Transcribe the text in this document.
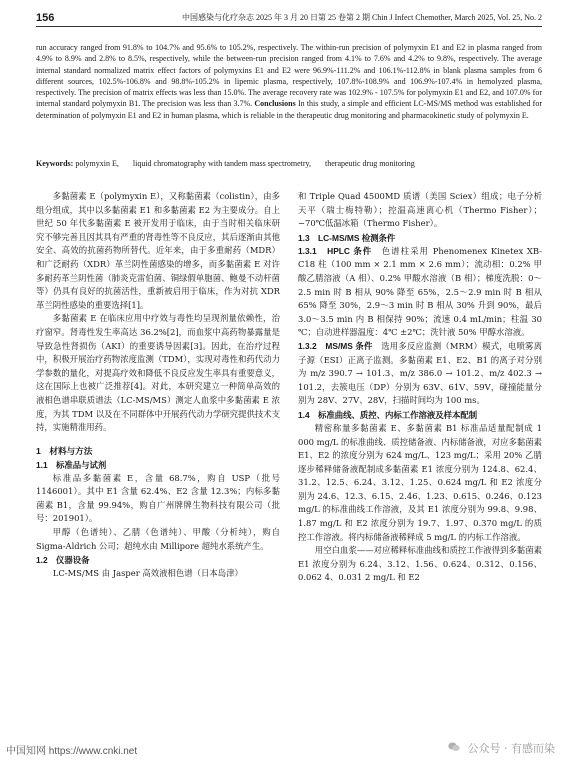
156	中国感染与化疗杂志 2025 年 3 月 20 日第 25 卷第 2 期 Chin J Infect Chemother, March 2025, Vol. 25, No. 2
run accuracy ranged from 91.8% to 104.7% and 95.6% to 105.2%, respectively. The within-run precision of polymyxin E1 and E2 in plasma ranged from 4.9% to 8.9% and 2.8% to 8.5%, respectively, while the between-run precision ranged from 4.1% to 7.6% and 4.2% to 9.8%, respectively. The average internal standard normalized matrix effect factors of polymyxins E1 and E2 were 96.9%-111.2% and 106.1%-112.8% in blank plasma samples from 6 different sources, 102.5%-106.8% and 98.8%-105.2% in lipemic plasma, respectively, 107.8%-108.9% and 106.9%-107.4% in hemolyzed plasma, respectively. The precision of matrix effects was less than 15.0%. The average recovery rate was 102.9% - 107.5% for polymyxin E1 and E2, and 107.0% for internal standard polymyxin B1. The precision was less than 3.7%. Conclusions In this study, a simple and efficient LC-MS/MS method was established for determination of polymyxin E1 and E2 in human plasma, which is reliable in the therapeutic drug monitoring and pharmacokinetic study of polymyxin E.
Keywords: polymyxin E, liquid chromatography with tandem mass spectrometry, therapeutic drug monitoring

多黏菌素 E（polymyxin E），又称黏菌素（colistin），由多组分组成，其中以多黏菌素 E1 和多黏菌素 E2 为主要成分。自上世纪 50 年代多黏菌素 E 被开发用于临床，由于当时相关临床研究不够完善且因其具有严重的肾毒性等不良反应，其后逐渐由其他安全、高效的抗菌药物所替代。近年来，由于多重耐药（MDR）和广泛耐药（XDR）革兰阴性菌感染的增多，而多黏菌素 E 对许多耐药革兰阴性菌（肺炎克雷伯菌、铜绿假单胞菌、鲍曼不动杆菌等）仍具有良好的抗菌活性，重新被启用于临床，作为对抗 XDR 革兰阴性感染的重要选择[1]。

多黏菌素 E 在临床应用中疗效与毒性均呈现剂量依赖性，治疗窗窄。肾毒性发生率高达 36.2%[2]，而血浆中高药物暴露量是导致急性肾损伤（AKI）的重要诱导因素[3]。因此，在治疗过程中，积极开展治疗药物浓度监测（TDM），实现对毒性和药代动力学参数的量化，对提高疗效和降低不良反应发生率具有重要意义，这在国际上也被广泛推荐[4]。对此，本研究建立一种简单高效的液相色谱串联质谱法（LC-MS/MS）测定人血浆中多黏菌素 E 浓度，为其 TDM 以及在不同群体中开展药代动力学研究提供技术支持，实施精准用药。

1　材料与方法
1.1　标准品与试剂

标准品多黏菌素 E，含量 68.7%，购自 USP（批号 1146001）。其中 E1 含量 62.4%、E2 含量 12.3%；内标多黏菌素 B1，含量 99.94%，购自广州牌牌生物科技有限公司（批号：201901）。

甲醇（色谱纯）、乙腈（色谱纯）、甲酸（分析纯），购自 Sigma-Aldrich 公司；超纯水由 Millipore 超纯水系统产生。

1.2　仪器设备

LC-MS/MS 由 Jasper 高效液相色谱（日本岛津）

和 Triple Quad 4500MD 质谱（美国 Sciex）组成；电子分析天平（瑞士梅特勒）；控温高速离心机（Thermo Fisher）；−70℃低温冰箱（Thermo Fisher）。

1.3　LC-MS/MS 检测条件

1.3.1　HPLC 条件　 色谱柱采用 Phenomenex Kinetex XB-C18 柱（100 mm × 2.1 mm × 2.6 mm）；流动相：0.2% 甲酸乙腈溶液（A 相）、0.2% 甲酸水溶液（B 相）；梯度洗脱：0～2.5 min 时 B 相从 90% 降至 65%，2.5～2.9 min 时 B 相从 65% 降至 30%，2.9～3 min 时 B 相从 30% 升到 90%，最后 3.0～3.5 min 内 B 相保持 90%；流速 0.4 mL/min；柱温 30 ℃；自动进样器温度：4℃ ±2℃；洗针液 50% 甲醇水溶液。

1.3.2　MS/MS 条件　 选用多反应监测（MRM）模式，电喷雾离子源（ESI）正离子监测。多黏菌素 E1、E2、B1 的离子对分别为 m/z 390.7 → 101.3、m/z 386.0 → 101.2、m/z 402.3 → 101.2，去簇电压（DP）分别为 63V、61V、59V，碰撞能量分别为 28V、27V、28V，扫描时间均为 100 ms。

1.4　标准曲线、质控、内标工作溶液及样本配制

精密称量多黏菌素 E、多黏菌素 B1 标准品适量配制成 1 000 mg/L 的标准曲线、质控储备液、内标储备液，对应多黏菌素 E1、E2 的浓度分别为 624 mg/L、123 mg/L；采用 20% 乙腈逐步稀释储备液配制成多黏菌素 E1 浓度分别为 124.8、62.4、31.2、12.5、6.24、3.12、1.25、0.624 mg/L 和 E2 浓度分别为 24.6、12.3、6.15、2.46、1.23、0.615、0.246、0.123 mg/L 的标准曲线工作溶液，及其 E1 浓度分别为 99.8、9.98、1.87 mg/L 和 E2 浓度分别为 19.7、1.97、0.370 mg/L 的质控工作溶液。将内标储备液稀释成 5 mg/L 的内标工作溶液。

用空白血浆——对应稀释标准曲线和质控工作液得到多黏菌素 E1 浓度分别为 6.24、3.12、1.56、0.624、0.312、0.156、0.062 4、0.031 2 mg/L 和 E2

中国知网 https://www.cnki.net	公众号 · 有感而染
